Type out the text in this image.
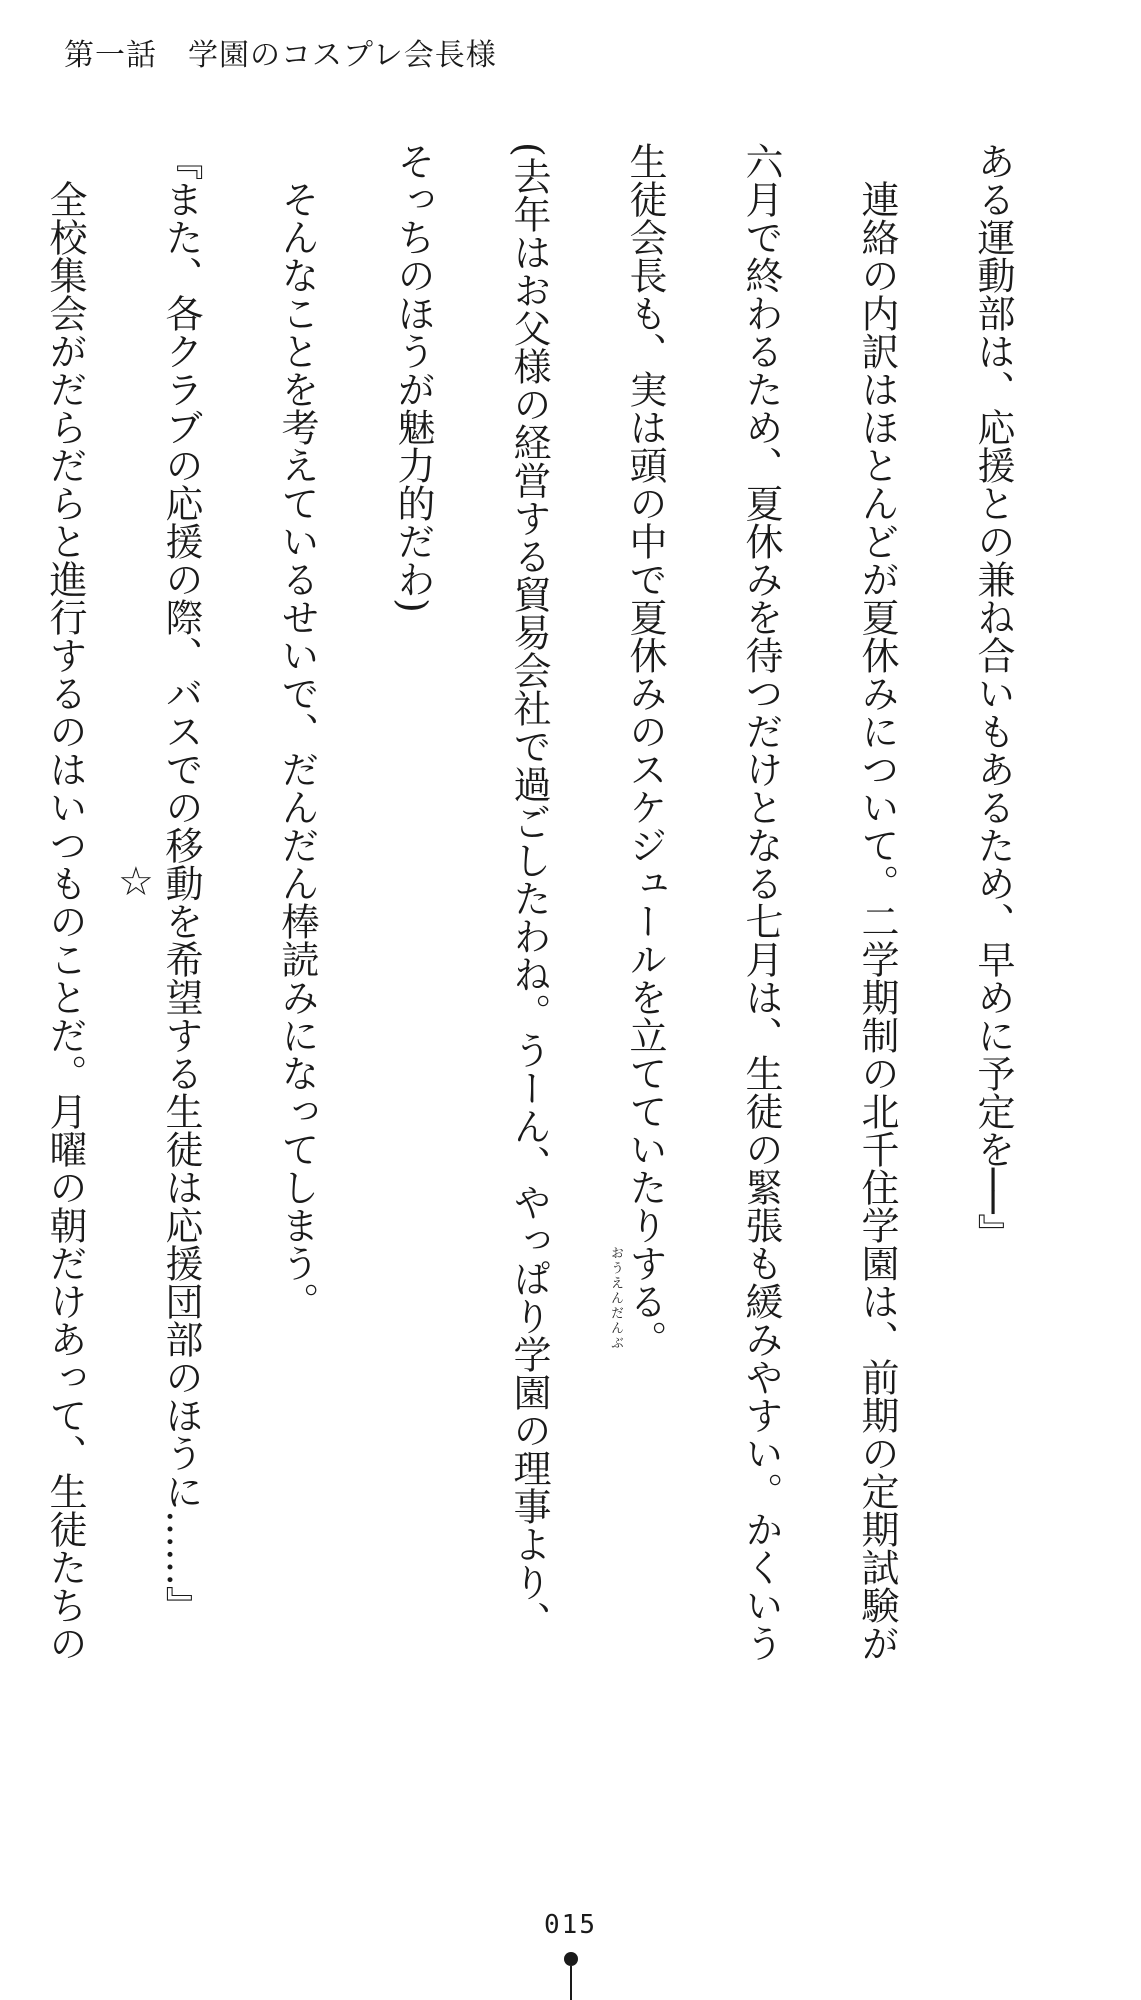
第一話　学園のコスプレ会長様
ある運動部は、応援との兼ね合いもあるため、早めに予定を──』
連絡の内訳はほとんどが夏休みについて。二学期制の北千住学園は、前期の定期試験が
六月で終わるため、夏休みを待つだけとなる七月は、生徒の緊張も緩みやすい。かくいう
生徒会長も、実は頭の中で夏休みのスケジュールを立てていたりする。
(去年はお父様の経営する貿易会社で過ごしたわね。うーん、やっぱり学園の理事より、
そっちのほうが魅力的だわ)
そんなことを考えているせいで、だんだん棒読みになってしまう。
『また、各クラブの応援の際、バスでの移動を希望する生徒は応援団部のほうに……』
全校集会がだらだらと進行するのはいつものことだ。月曜の朝だけあって、生徒たちの	おうえんだんぶ
☆
015
